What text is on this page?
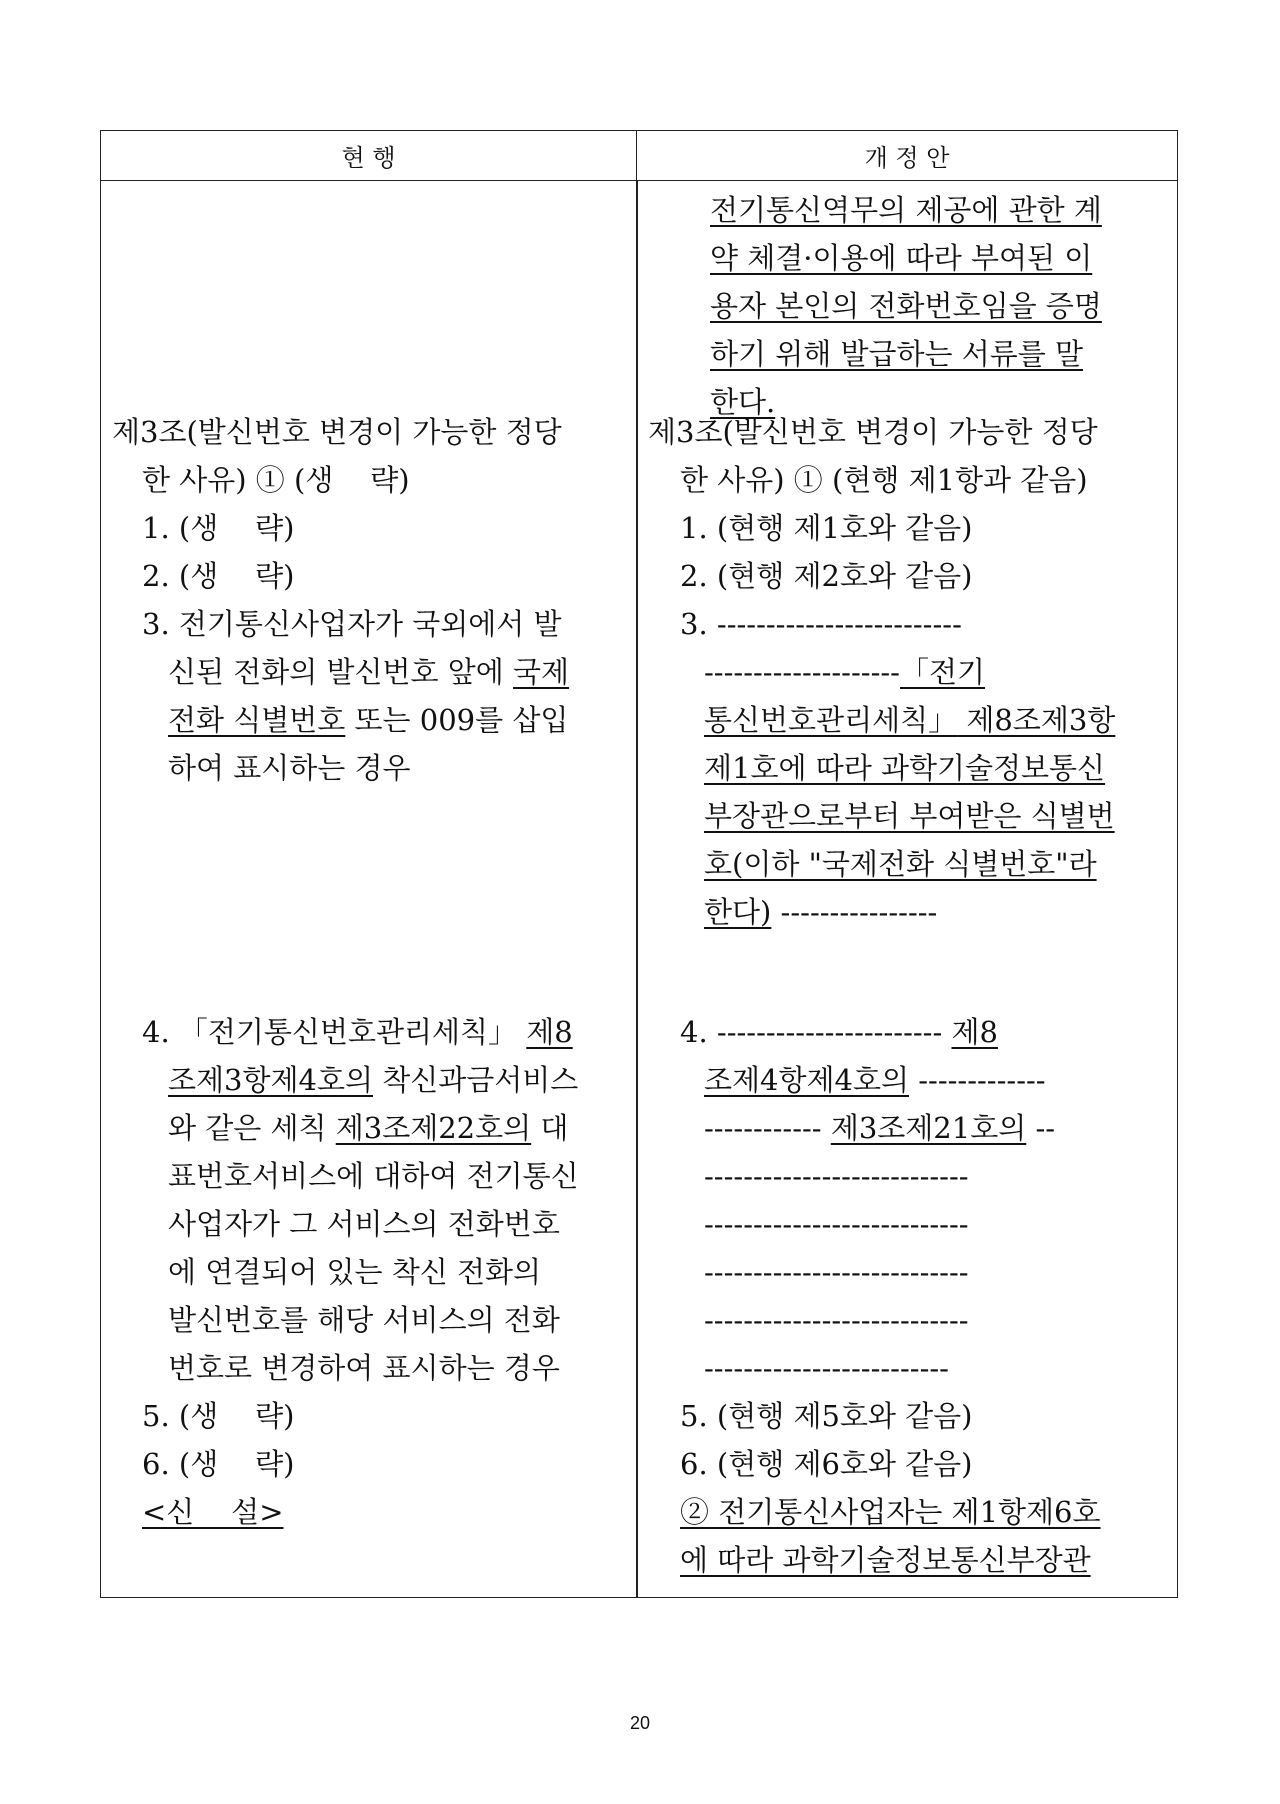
현 행	개 정 안
제3조(발신번호 변경이 가능한 정당
한 사유) ① (생    략)
1. (생    략)
2. (생    략)
3. 전기통신사업자가 국외에서 발
신된 전화의 발신번호 앞에 국제
전화 식별번호 또는 009를 삽입
하여 표시하는 경우
4. 「전기통신번호관리세칙」 제8
조제3항제4호의 착신과금서비스
와 같은 세칙 제3조제22호의 대
표번호서비스에 대하여 전기통신
사업자가 그 서비스의 전화번호
에 연결되어 있는 착신 전화의
발신번호를 해당 서비스의 전화
번호로 변경하여 표시하는 경우
5. (생    략)
6. (생    략)
<신    설>
전기통신역무의 제공에 관한 계
약 체결·이용에 따라 부여된 이
용자 본인의 전화번호임을 증명
하기 위해 발급하는 서류를 말
한다.
제3조(발신번호 변경이 가능한 정당
한 사유) ① (현행 제1항과 같음)
1. (현행 제1호와 같음)
2. (현행 제2호와 같음)
3. -------------------------
--------------------「전기
통신번호관리세칙」 제8조제3항
제1호에 따라 과학기술정보통신
부장관으로부터 부여받은 식별번
호(이하 "국제전화 식별번호"라
한다) ----------------
4. ----------------------- 제8
조제4항제4호의 -------------
------------ 제3조제21호의 --
---------------------------
---------------------------
---------------------------
---------------------------
-------------------------
5. (현행 제5호와 같음)
6. (현행 제6호와 같음)
② 전기통신사업자는 제1항제6호
에 따라 과학기술정보통신부장관
20
